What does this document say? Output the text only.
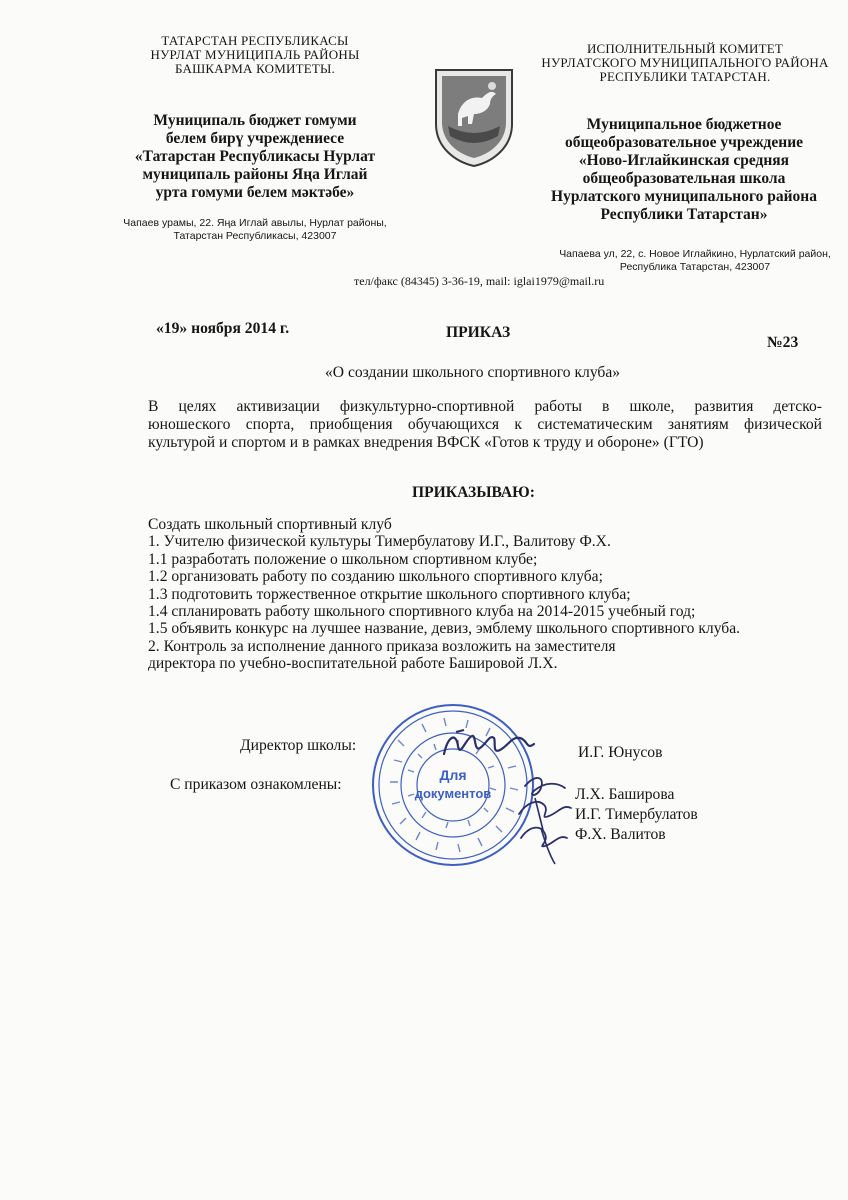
ТАТАРСТАН РЕСПУБЛИКАСЫ
НУРЛАТ МУНИЦИПАЛЬ РАЙОНЫ
БАШКАРМА КОМИТЕТЫ.
Муниципаль бюджет гомуми
белем бирү учреждениесе
«Татарстан Республикасы Нурлат
муниципаль районы Яңа Иглай
урта гомуми белем мәктәбе»
Чапаев урамы, 22. Яңа Иглай авылы, Нурлат районы,
Татарстан Республикасы, 423007
ИСПОЛНИТЕЛЬНЫЙ КОМИТЕТ
НУРЛАТСКОГО МУНИЦИПАЛЬНОГО РАЙОНА
РЕСПУБЛИКИ ТАТАРСТАН.
Муниципальное бюджетное
общеобразовательное учреждение
«Ново-Иглайкинская средняя
общеобразовательная школа
Нурлатского муниципального района
Республики Татарстан»
Чапаева ул, 22, с. Новое Иглайкино, Нурлатский район,
Республика Татарстан, 423007
тел/факс (84345) 3-36-19, mail: iglai1979@mail.ru
«19» ноября 2014 г.	ПРИКАЗ
№23
«О создании школьного спортивного клуба»
В целях активизации физкультурно-спортивной работы в школе, развития детско-
юношеского спорта, приобщения обучающихся к систематическим занятиям физической
культурой и спортом и в рамках внедрения ВФСК «Готов к труду и обороне» (ГТО)
ПРИКАЗЫВАЮ:
Создать школьный спортивный клуб
1. Учителю физической культуры Тимербулатову И.Г., Валитову Ф.Х.
1.1 разработать положение о школьном спортивном клубе;
1.2 организовать работу по созданию школьного спортивного клуба;
1.3 подготовить торжественное открытие школьного спортивного клуба;
1.4 спланировать работу школьного спортивного клуба на 2014-2015 учебный год;
1.5 объявить конкурс на лучшее название, девиз, эмблему школьного спортивного клуба.
2. Контроль за исполнение данного приказа возложить на заместителя
директора по учебно-воспитательной работе Башировой Л.Х.
Для
документов
Директор школы:	И.Г. Юнусов
С приказом ознакомлены:
Л.Х. Баширова
И.Г. Тимербулатов
Ф.Х. Валитов
